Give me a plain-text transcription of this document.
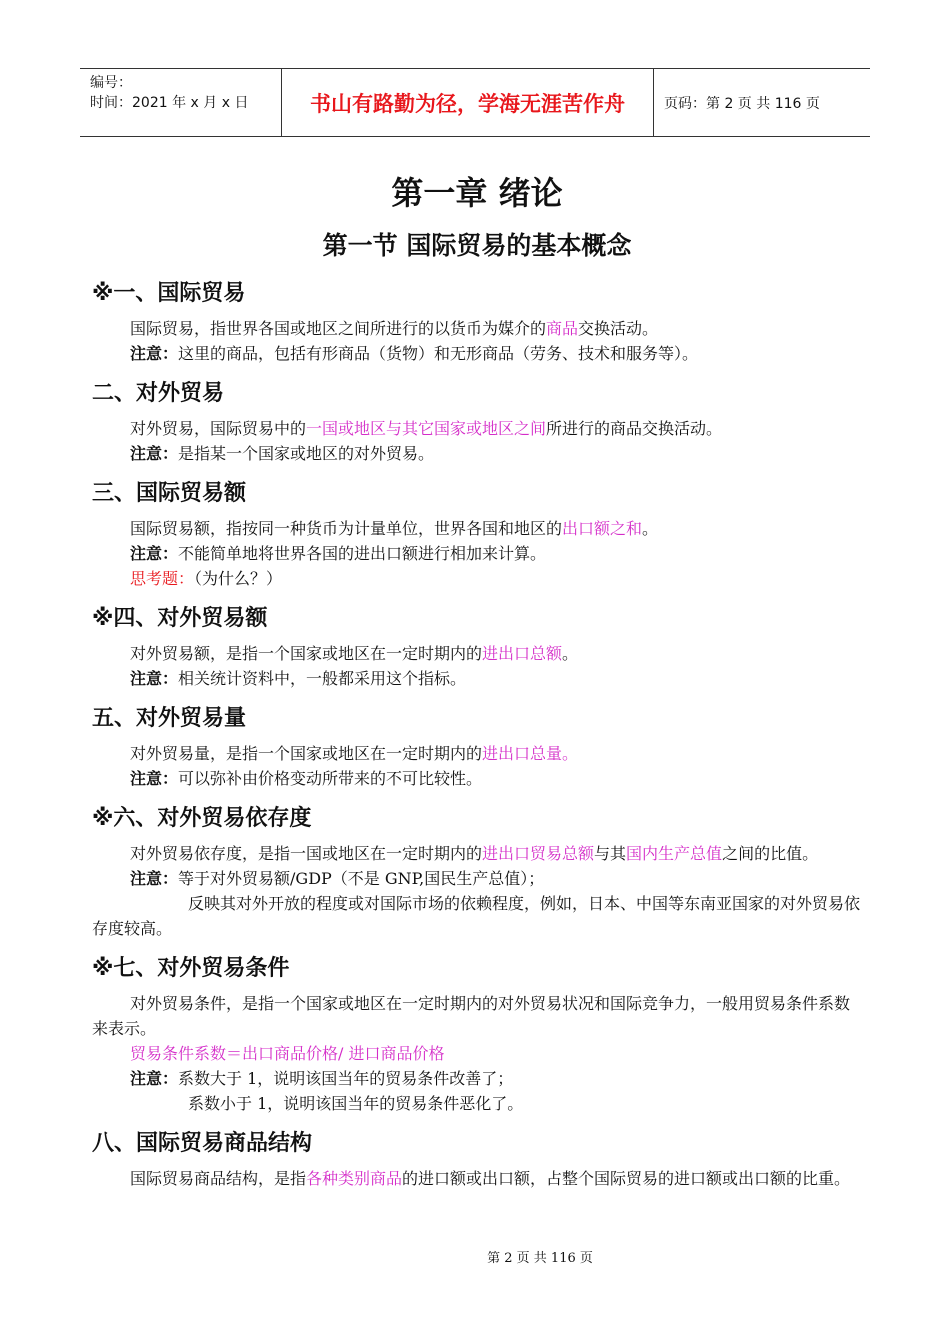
编号：
时间：2021 年 x 月 x 日	书山有路勤为径，学海无涯苦作舟	页码：第 2 页 共 116 页
第一章 绪论
第一节 国际贸易的基本概念
※一、国际贸易

国际贸易，指世界各国或地区之间所进行的以货币为媒介的商品交换活动。

注意：这里的商品，包括有形商品（货物）和无形商品（劳务、技术和服务等）。

二、对外贸易

对外贸易，国际贸易中的一国或地区与其它国家或地区之间所进行的商品交换活动。

注意：是指某一个国家或地区的对外贸易。

三、国际贸易额

国际贸易额，指按同一种货币为计量单位，世界各国和地区的出口额之和。

注意：不能简单地将世界各国的进出口额进行相加来计算。

思考题：（为什么？）

※四、对外贸易额

对外贸易额，是指一个国家或地区在一定时期内的进出口总额。

注意：相关统计资料中，一般都采用这个指标。

五、对外贸易量

对外贸易量，是指一个国家或地区在一定时期内的进出口总量。

注意：可以弥补由价格变动所带来的不可比较性。

※六、对外贸易依存度

对外贸易依存度，是指一国或地区在一定时期内的进出口贸易总额与其国内生产总值之间的比值。

注意：等于对外贸易额/GDP（不是 GNP,国民生产总值）；

反映其对外开放的程度或对国际市场的依赖程度，例如，日本、中国等东南亚国家的对外贸易依存度较高。

※七、对外贸易条件

对外贸易条件，是指一个国家或地区在一定时期内的对外贸易状况和国际竞争力，一般用贸易条件系数来表示。

贸易条件系数＝出口商品价格/ 进口商品价格

注意：系数大于 1，说明该国当年的贸易条件改善了；

系数小于 1，说明该国当年的贸易条件恶化了。

八、国际贸易商品结构

国际贸易商品结构，是指各种类别商品的进口额或出口额，占整个国际贸易的进口额或出口额的比重。

第 2 页 共 116 页
